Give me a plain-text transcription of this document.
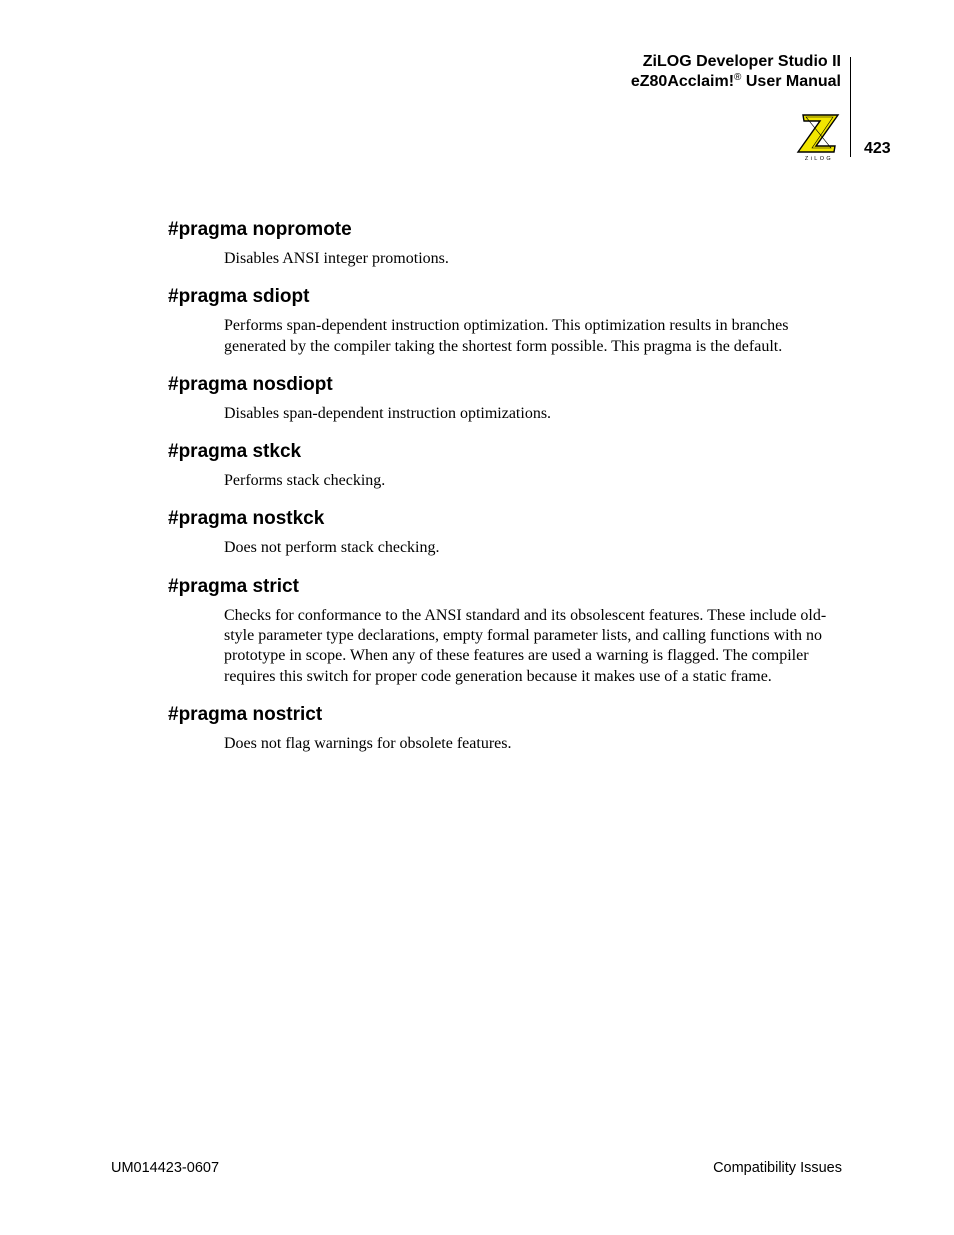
ZiLOG Developer Studio II
eZ80Acclaim!® User Manual
ZiLOG
423
#pragma nopromote

Disables ANSI integer promotions.

#pragma sdiopt

Performs span-dependent instruction optimization. This optimization results in branches generated by the compiler taking the shortest form possible. This pragma is the default.

#pragma nosdiopt

Disables span-dependent instruction optimizations.

#pragma stkck

Performs stack checking.

#pragma nostkck

Does not perform stack checking.

#pragma strict

Checks for conformance to the ANSI standard and its obsolescent features. These include old-style parameter type declarations, empty formal parameter lists, and calling functions with no prototype in scope. When any of these features are used a warning is flagged. The compiler requires this switch for proper code generation because it makes use of a static frame.

#pragma nostrict

Does not flag warnings for obsolete features.

UM014423-0607	Compatibility Issues
